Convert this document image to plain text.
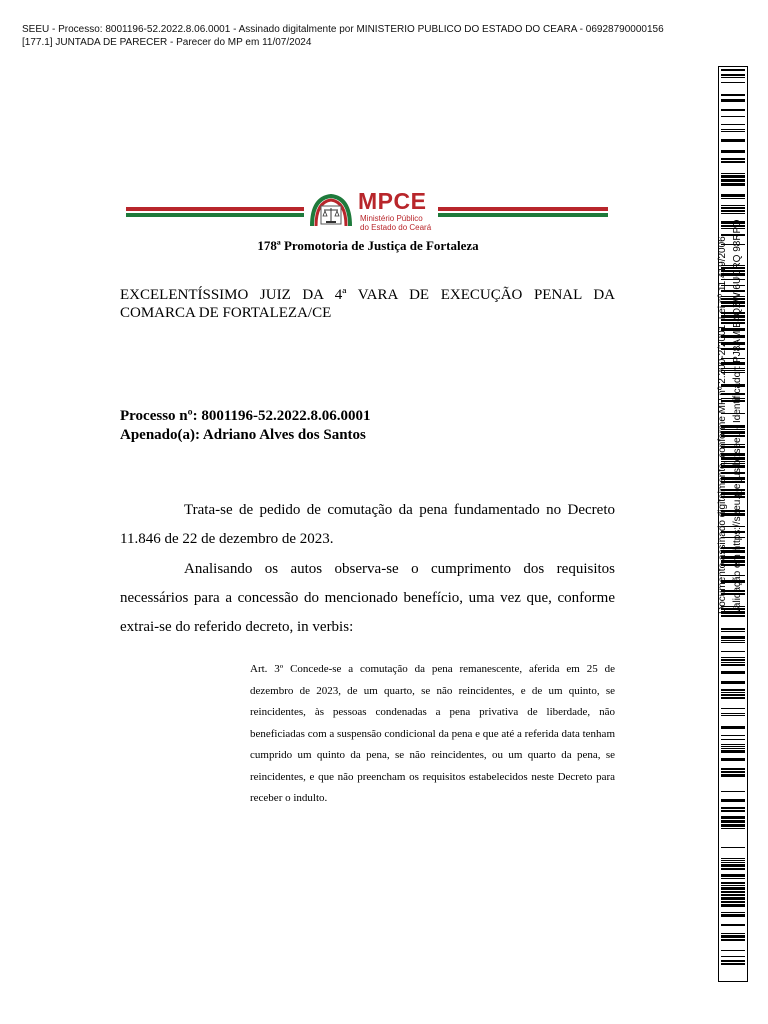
SEEU - Processo: 8001196-52.2022.8.06.0001 - Assinado digitalmente por MINISTERIO PUBLICO DO ESTADO DO CEARA - 06928790000156
[177.1] JUNTADA DE PARECER - Parecer do MP em 11/07/2024
MPCE
Ministério Público
do Estado do Ceará
178ª Promotoria de Justiça de Fortaleza
EXCELENTÍSSIMO JUIZ DA 4ª VARA DE EXECUÇÃO PENAL DA
COMARCA DE FORTALEZA/CE
Processo nº: 8001196-52.2022.8.06.0001
Apenado(a): Adriano Alves dos Santos
Trata-se de pedido de comutação da pena fundamentado no Decreto 11.846 de 22 de dezembro de 2023.
Analisando os autos observa-se o cumprimento dos requisitos necessários para a concessão do mencionado benefício, uma vez que, conforme extrai-se do referido decreto, in verbis:
Art. 3º Concede-se a comutação da pena remanescente, aferida em 25 de dezembro de 2023, de um quarto, se não reincidentes, e de um quinto, se reincidentes, às pessoas condenadas a pena privativa de liberdade, não beneficiadas com a suspensão condicional da pena e que até a referida data tenham cumprido um quinto da pena, se não reincidentes, ou um quarto da pena, se reincidentes, e que não preencham os requisitos estabelecidos neste Decreto para receber o indulto.
Documento assinado digitalmente, conforme MP nº 2.200-2/2001, Lei nº 11.419/2006, Validação em https://seeu.pje.jus.br/seeu - Identificador: PJ8AM B4QZW 6UCRQ 98RPD
